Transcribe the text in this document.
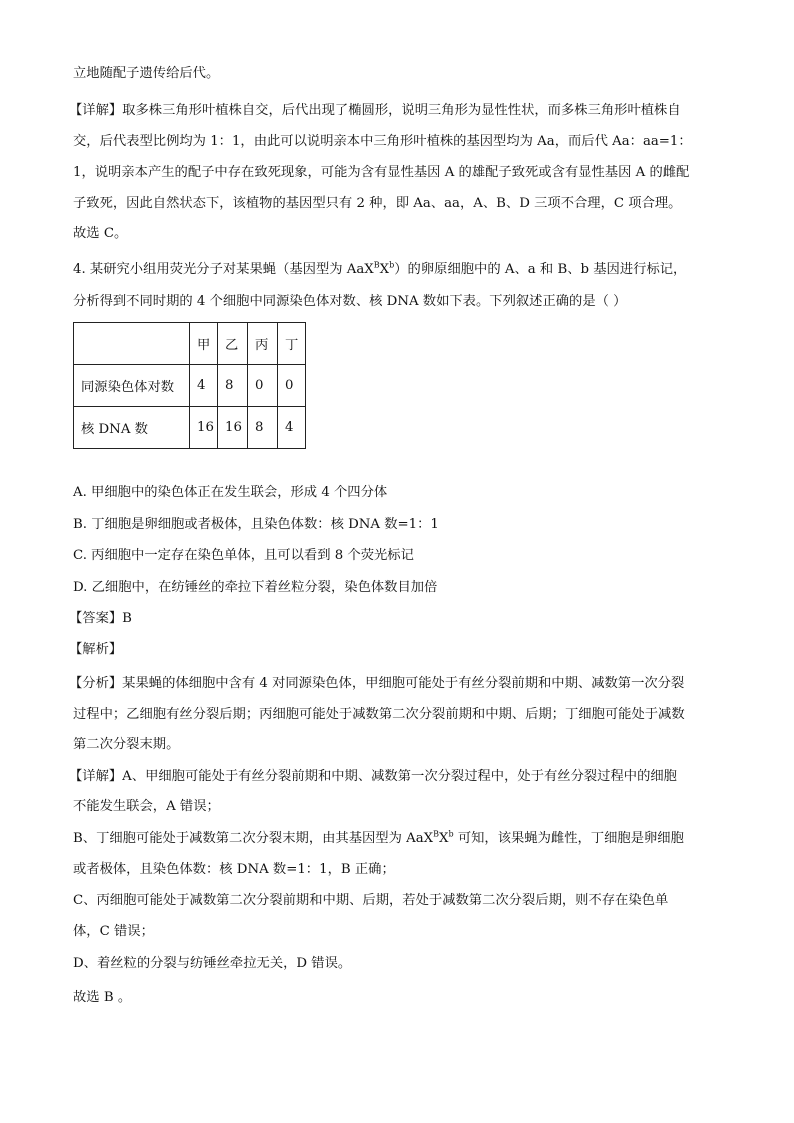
立地随配子遗传给后代。
【详解】取多株三角形叶植株自交，后代出现了椭圆形，说明三角形为显性性状，而多株三角形叶植株自
交，后代表型比例均为 1：1，由此可以说明亲本中三角形叶植株的基因型均为 Aa，而后代 Aa：aa=1：
1，说明亲本产生的配子中存在致死现象，可能为含有显性基因 A 的雄配子致死或含有显性基因 A 的雌配
子致死，因此自然状态下，该植物的基因型只有 2 种，即 Aa、aa，A、B、D 三项不合理，C 项合理。
故选 C。
4. 某研究小组用荧光分子对某果蝇（基因型为 $AaX^BX^b$）的卵原细胞中的 A、a 和 B、b 基因进行标记，
分析得到不同时期的 4 个细胞中同源染色体对数、核 DNA 数如下表。下列叙述正确的是（ ）
	甲	乙	丙	丁
同源染色体对数	4	8	0	0
核 DNA 数	16	16	8	4
A. 甲细胞中的染色体正在发生联会，形成 4 个四分体
B. 丁细胞是卵细胞或者极体，且染色体数：核 DNA 数=1：1
C. 丙细胞中一定存在染色单体，且可以看到 8 个荧光标记
D. 乙细胞中，在纺锤丝的牵拉下着丝粒分裂，染色体数目加倍
【答案】B
【解析】
【分析】某果蝇的体细胞中含有 4 对同源染色体，甲细胞可能处于有丝分裂前期和中期、减数第一次分裂
过程中；乙细胞有丝分裂后期；丙细胞可能处于减数第二次分裂前期和中期、后期；丁细胞可能处于减数
第二次分裂末期。
【详解】A、甲细胞可能处于有丝分裂前期和中期、减数第一次分裂过程中，处于有丝分裂过程中的细胞
不能发生联会，A 错误；
B、丁细胞可能处于减数第二次分裂末期，由其基因型为 $AaX^BX^b$ 可知，该果蝇为雌性，丁细胞是卵细胞
或者极体，且染色体数：核 DNA 数=1：1，B 正确；
C、丙细胞可能处于减数第二次分裂前期和中期、后期，若处于减数第二次分裂后期，则不存在染色单
体，C 错误；
D、着丝粒的分裂与纺锤丝牵拉无关，D 错误。
故选 B 。
